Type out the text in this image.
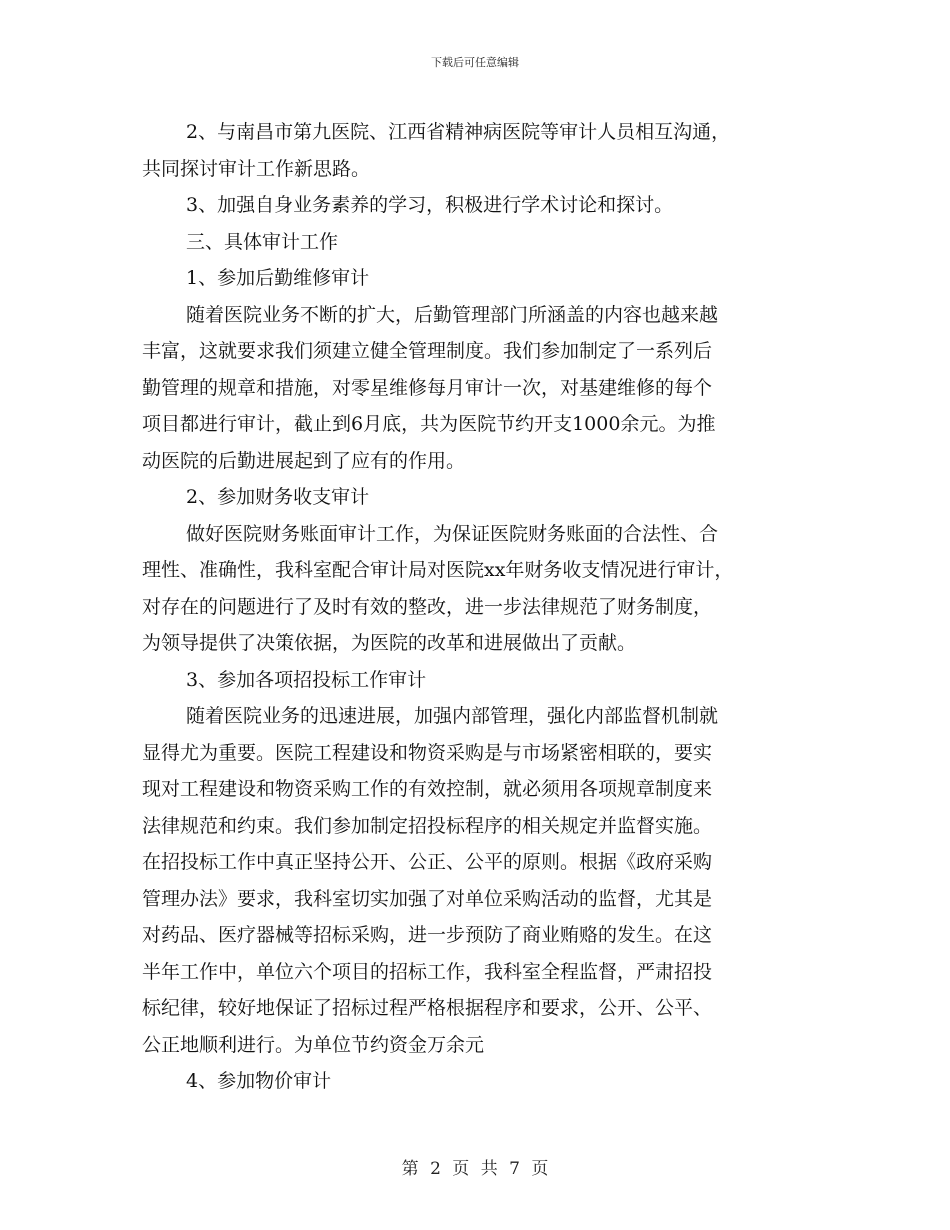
下载后可任意编辑
2、与南昌市第九医院、江西省精神病医院等审计人员相互沟通，
共同探讨审计工作新思路。
3、加强自身业务素养的学习，积极进行学术讨论和探讨。
三、具体审计工作
1、参加后勤维修审计
随着医院业务不断的扩大，后勤管理部门所涵盖的内容也越来越
丰富，这就要求我们须建立健全管理制度。我们参加制定了一系列后
勤管理的规章和措施，对零星维修每月审计一次，对基建维修的每个
项目都进行审计，截止到6月底，共为医院节约开支1000余元。为推
动医院的后勤进展起到了应有的作用。
2、参加财务收支审计
做好医院财务账面审计工作，为保证医院财务账面的合法性、合
理性、准确性，我科室配合审计局对医院xx年财务收支情况进行审计，
对存在的问题进行了及时有效的整改，进一步法律规范了财务制度，
为领导提供了决策依据，为医院的改革和进展做出了贡献。
3、参加各项招投标工作审计
随着医院业务的迅速进展，加强内部管理，强化内部监督机制就
显得尤为重要。医院工程建设和物资采购是与市场紧密相联的，要实
现对工程建设和物资采购工作的有效控制，就必须用各项规章制度来
法律规范和约束。我们参加制定招投标程序的相关规定并监督实施。
在招投标工作中真正坚持公开、公正、公平的原则。根据《政府采购
管理办法》要求，我科室切实加强了对单位采购活动的监督，尤其是
对药品、医疗器械等招标采购，进一步预防了商业贿赂的发生。在这
半年工作中，单位六个项目的招标工作，我科室全程监督，严肃招投
标纪律，较好地保证了招标过程严格根据程序和要求，公开、公平、
公正地顺利进行。为单位节约资金万余元
4、参加物价审计
第 2 页 共 7 页
